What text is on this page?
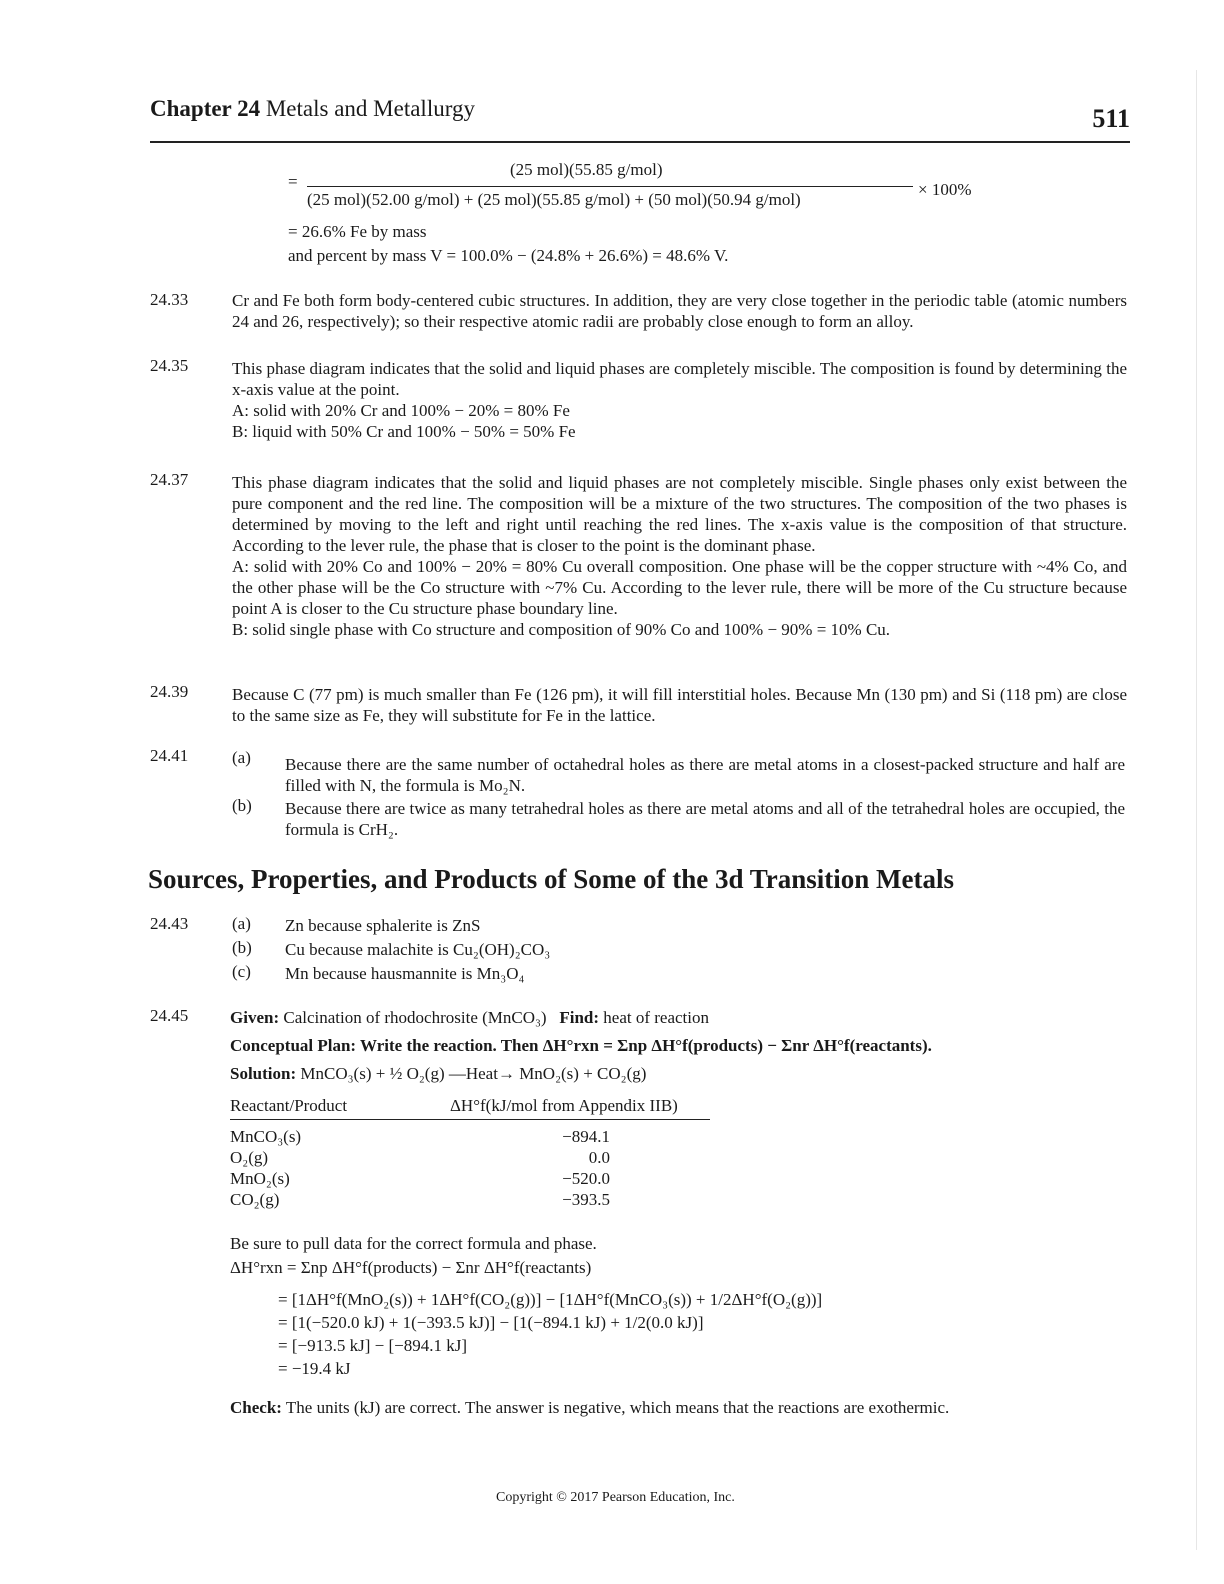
Chapter 24 Metals and Metallurgy	511
=
(25 mol)(55.85 g/mol)
(25 mol)(52.00 g/mol) + (25 mol)(55.85 g/mol) + (50 mol)(50.94 g/mol)
× 100%
= 26.6% Fe by mass
and percent by mass V = 100.0% − (24.8% + 26.6%) = 48.6% V.
24.33	Cr and Fe both form body-centered cubic structures. In addition, they are very close together in the periodic table (atomic numbers 24 and 26, respectively); so their respective atomic radii are probably close enough to form an alloy.
24.35	This phase diagram indicates that the solid and liquid phases are completely miscible. The composition is found by determining the x-axis value at the point.

A: solid with 20% Cr and 100% − 20% = 80% Fe

B: liquid with 50% Cr and 100% − 50% = 50% Fe

24.37	This phase diagram indicates that the solid and liquid phases are not completely miscible. Single phases only exist between the pure component and the red line. The composition will be a mixture of the two structures. The composition of the two phases is determined by moving to the left and right until reaching the red lines. The x-axis value is the composition of that structure. According to the lever rule, the phase that is closer to the point is the dominant phase.

A: solid with 20% Co and 100% − 20% = 80% Cu overall composition. One phase will be the copper structure with ~4% Co, and the other phase will be the Co structure with ~7% Cu. According to the lever rule, there will be more of the Cu structure because point A is closer to the Cu structure phase boundary line.

B: solid single phase with Co structure and composition of 90% Co and 100% − 90% = 10% Cu.

24.39	Because C (77 pm) is much smaller than Fe (126 pm), it will fill interstitial holes. Because Mn (130 pm) and Si (118 pm) are close to the same size as Fe, they will substitute for Fe in the lattice.
24.41	(a) Because there are the same number of octahedral holes as there are metal atoms in a closest-packed structure and half are filled with N, the formula is Mo₂N.
(b) Because there are twice as many tetrahedral holes as there are metal atoms and all of the tetrahedral holes are occupied, the formula is CrH₂.
Sources, Properties, and Products of Some of the 3d Transition Metals
24.43	(a) Zn because sphalerite is ZnS
(b) Cu because malachite is Cu₂(OH)₂CO₃
(c) Mn because hausmannite is Mn₃O₄
24.45 Given: Calcination of rhodochrosite (MnCO₃) Find: heat of reaction
Conceptual Plan: Write the reaction. Then ΔH°rxn = Σnp ΔH°f(products) − Σnr ΔH°f(reactants).
Solution: MnCO₃(s) + ½ O₂(g) —Heat→ MnO₂(s) + CO₂(g)
Reactant/Product	ΔH°f(kJ/mol from Appendix IIB)
MnCO₃(s)	−894.1
O₂(g)	0.0
MnO₂(s)	−520.0
CO₂(g)	−393.5
Be sure to pull data for the correct formula and phase.
ΔH°rxn = Σnp ΔH°f(products) − Σnr ΔH°f(reactants)
= [1ΔH°f(MnO₂(s)) + 1ΔH°f(CO₂(g))] − [1ΔH°f(MnCO₃(s)) + 1/2ΔH°f(O₂(g))]
= [1(−520.0 kJ) + 1(−393.5 kJ)] − [1(−894.1 kJ) + 1/2(0.0 kJ)]
= [−913.5 kJ] − [−894.1 kJ]
= −19.4 kJ
Check: The units (kJ) are correct. The answer is negative, which means that the reactions are exothermic.
Copyright © 2017 Pearson Education, Inc.
